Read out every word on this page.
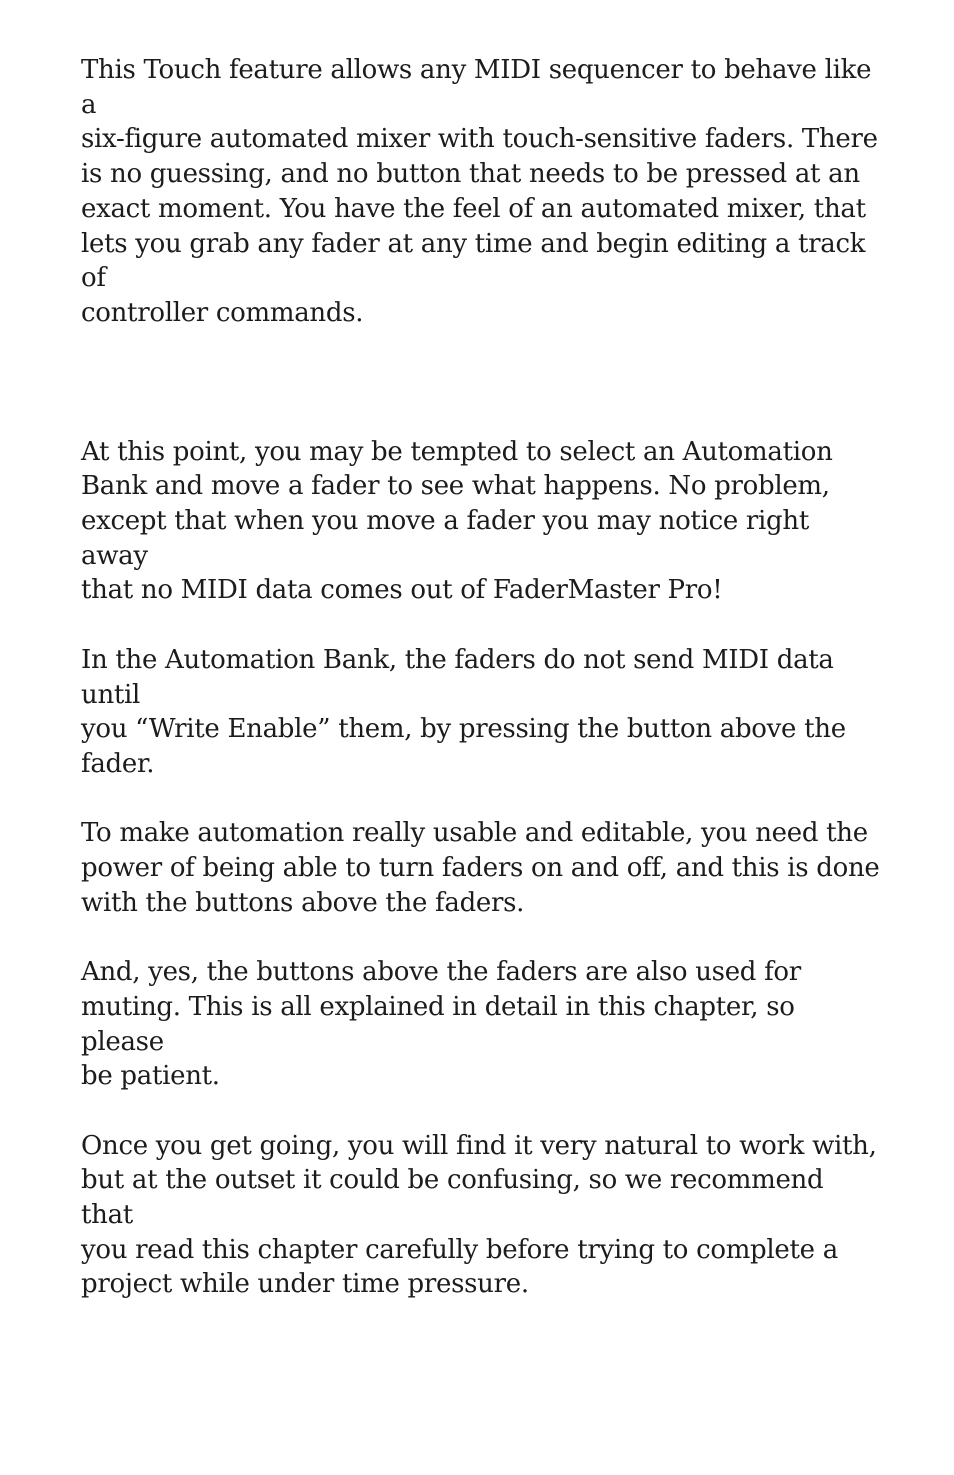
This Touch feature allows any MIDI sequencer to behave like a
six-figure automated mixer with touch-sensitive faders. There
is no guessing, and no button that needs to be pressed at an
exact moment. You have the feel of an automated mixer, that
lets you grab any fader at any time and begin editing a track of
controller commands.

At this point, you may be tempted to select an Automation
Bank and move a fader to see what happens. No problem,
except that when you move a fader you may notice right away
that no MIDI data comes out of FaderMaster Pro!

In the Automation Bank, the faders do not send MIDI data until
you “Write Enable” them, by pressing the button above the
fader.

To make automation really usable and editable, you need the
power of being able to turn faders on and off, and this is done
with the buttons above the faders.

And, yes, the buttons above the faders are also used for
muting. This is all explained in detail in this chapter, so please
be patient.

Once you get going, you will find it very natural to work with,
but at the outset it could be confusing, so we recommend that
you read this chapter carefully before trying to complete a
project while under time pressure.
